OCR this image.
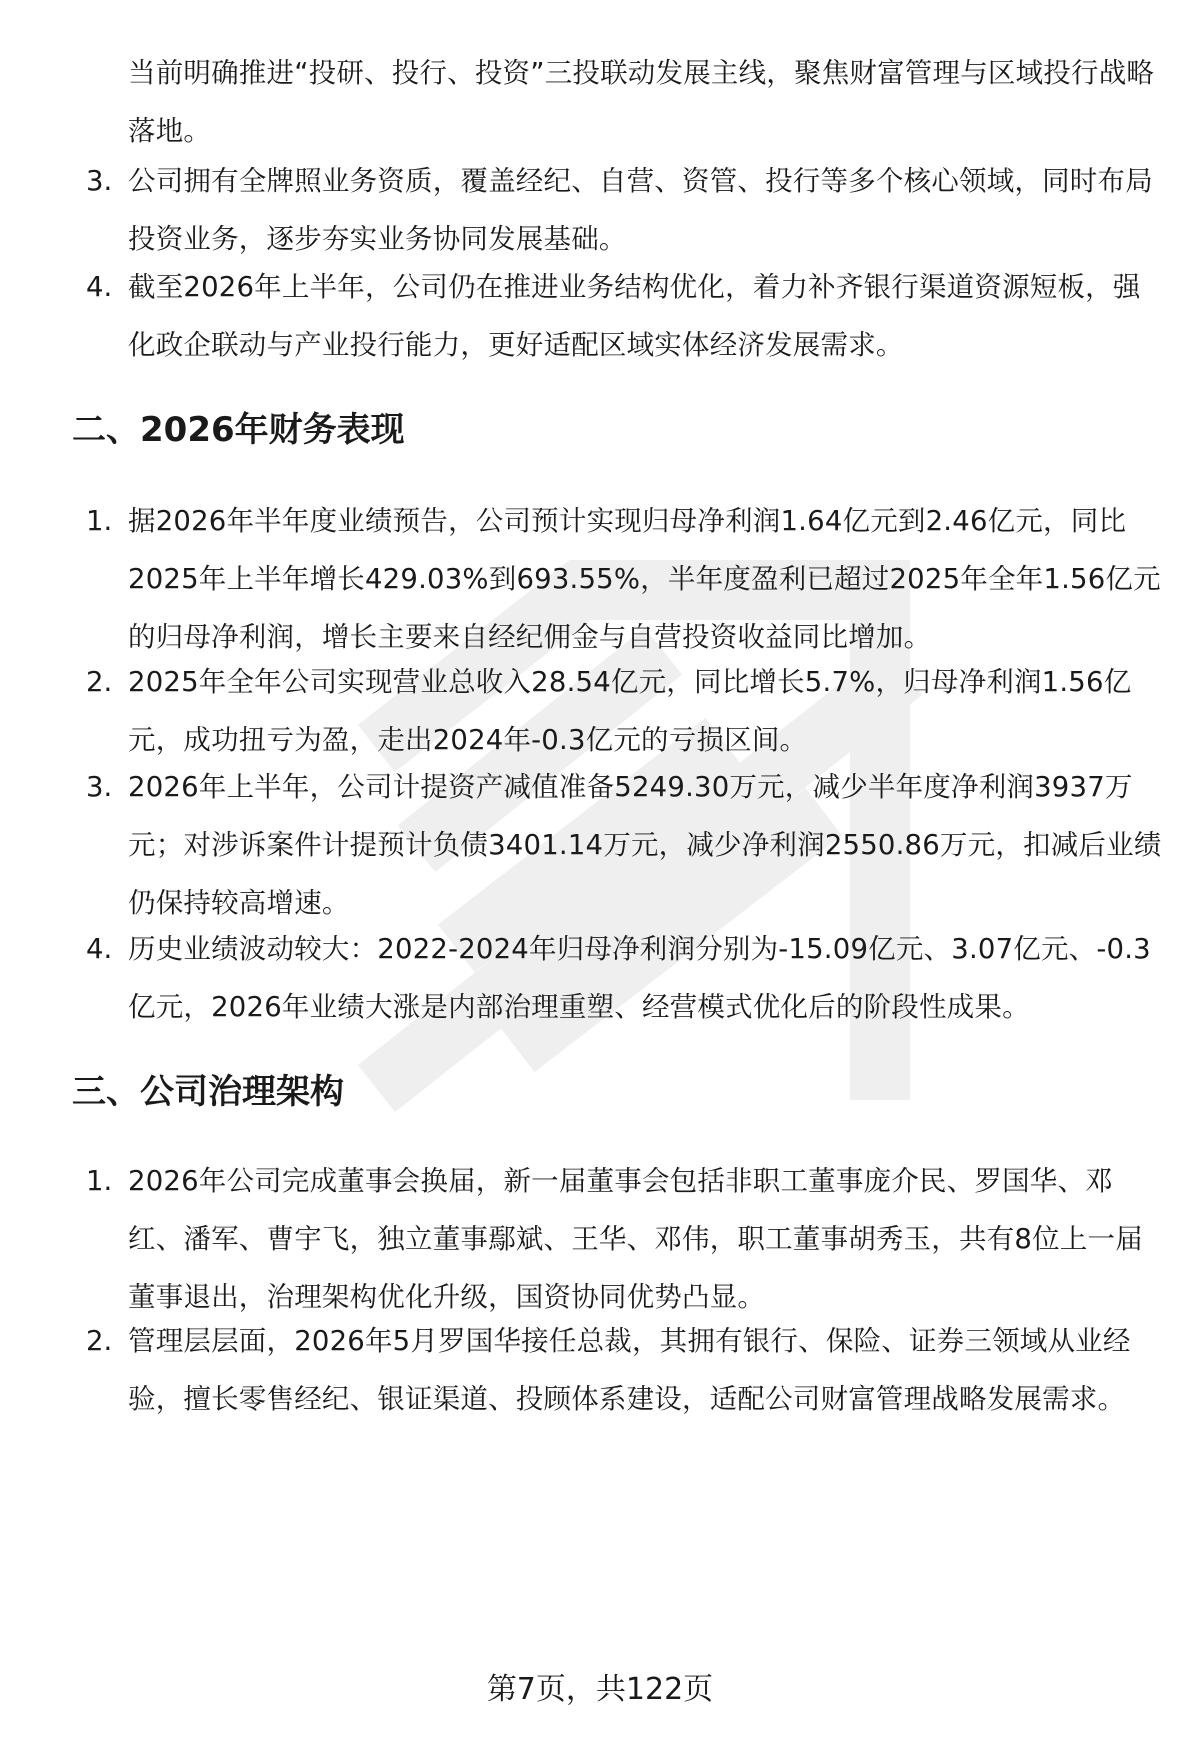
当前明确推进“投研、投行、投资”三投联动发展主线，聚焦财富管理与区域投行战略落地。

3. 公司拥有全牌照业务资质，覆盖经纪、自营、资管、投行等多个核心领域，同时布局投资业务，逐步夯实业务协同发展基础。
4. 截至2026年上半年，公司仍在推进业务结构优化，着力补齐银行渠道资源短板，强化政企联动与产业投行能力，更好适配区域实体经济发展需求。
二、2026年财务表现
1. 据2026年半年度业绩预告，公司预计实现归母净利润1.64亿元到2.46亿元，同比2025年上半年增长429.03%到693.55%，半年度盈利已超过2025年全年1.56亿元的归母净利润，增长主要来自经纪佣金与自营投资收益同比增加。
2. 2025年全年公司实现营业总收入28.54亿元，同比增长5.7%，归母净利润1.56亿元，成功扭亏为盈，走出2024年-0.3亿元的亏损区间。
3. 2026年上半年，公司计提资产减值准备5249.30万元，减少半年度净利润3937万元；对涉诉案件计提预计负债3401.14万元，减少净利润2550.86万元，扣减后业绩仍保持较高增速。
4. 历史业绩波动较大：2022-2024年归母净利润分别为-15.09亿元、3.07亿元、-0.3亿元，2026年业绩大涨是内部治理重塑、经营模式优化后的阶段性成果。
三、公司治理架构
1. 2026年公司完成董事会换届，新一届董事会包括非职工董事庞介民、罗国华、邓红、潘军、曹宇飞，独立董事鄢斌、王华、邓伟，职工董事胡秀玉，共有8位上一届董事退出，治理架构优化升级，国资协同优势凸显。
2. 管理层层面，2026年5月罗国华接任总裁，其拥有银行、保险、证券三领域从业经验，擅长零售经纪、银证渠道、投顾体系建设，适配公司财富管理战略发展需求。
第7页，共122页
